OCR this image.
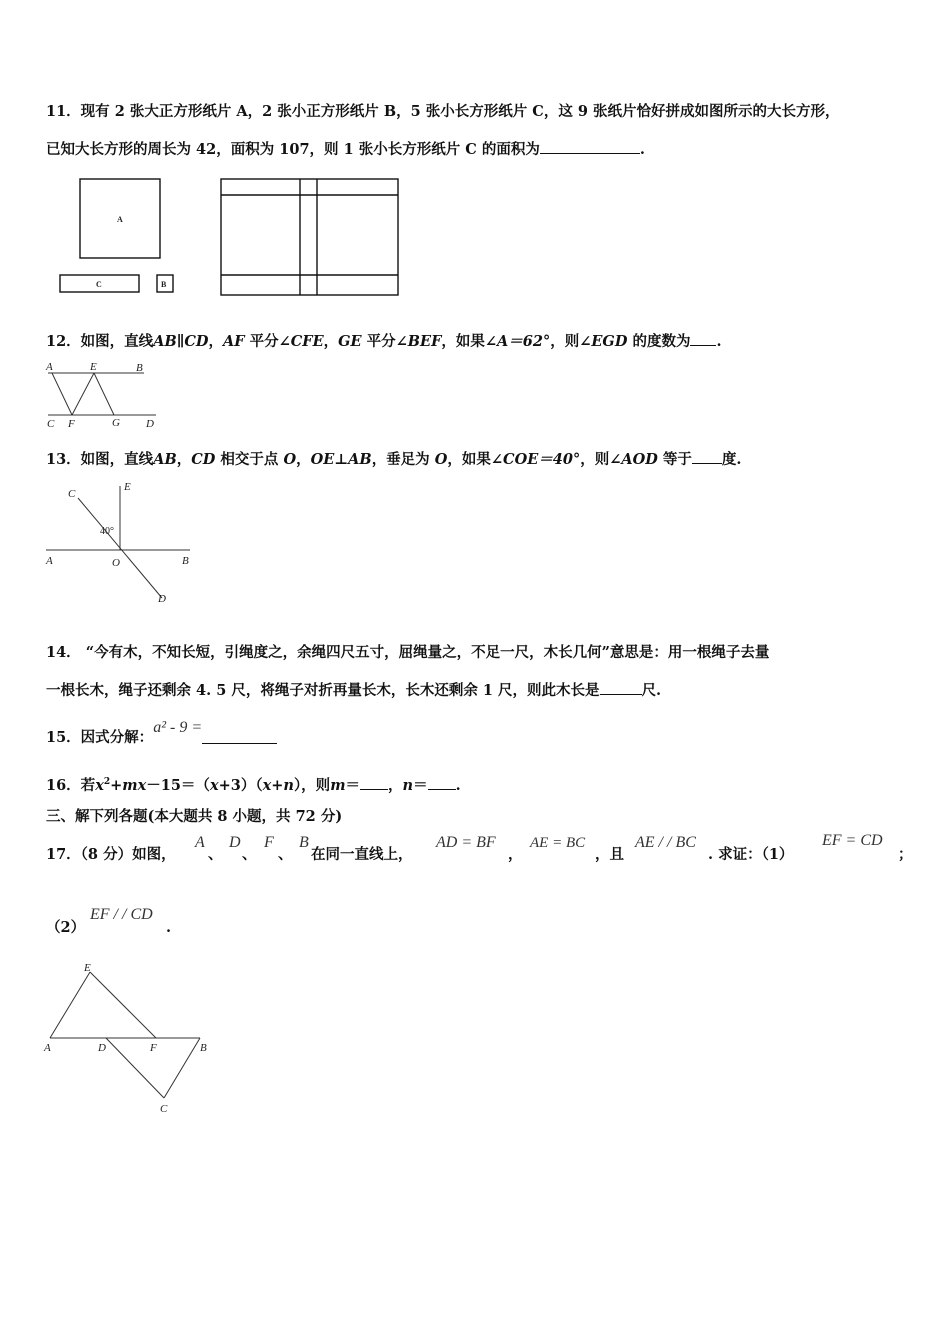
11．现有 2 张大正方形纸片 A，2 张小正方形纸片 B，5 张小长方形纸片 C，这 9 张纸片恰好拼成如图所示的大长方形，
已知大长方形的周长为 42，面积为 107，则 1 张小长方形纸片 C 的面积为	.
A
C	B
12．如图，直线AB∥CD，AF 平分∠CFE，GE 平分∠BEF，如果∠A＝62°，则∠EGD 的度数为 .
A	E	B
C F	G D
13．如图，直线AB，CD 相交于点 O，OE⊥AB，垂足为 O，如果∠COE＝40°，则∠AOD 等于 度.
C
E
40°
A	O	B
D
14． “今有木，不知长短，引绳度之，余绳四尺五寸，屈绳量之，不足一尺，木长几何”意思是：用一根绳子去量
一根长木，绳子还剩余 4. 5 尺，将绳子对折再量长木，长木还剩余 1 尺，则此木长是	尺.
15．因式分解：a² - 9 =
16．若$x^2+mx-15=(x+3)(x+n)$，则m＝ ，n＝ .
三、解下列各题(本大题共 8 小题，共 72 分)
17．（8 分）如图，
A
、
D
、
F
、
B
在同一直线上，
AD = BF
，
AE = BC
，且
AE / / BC
. 求证：（1）
EF = CD
；
（2）
EF / / CD
.
E
A	D	F	B
C
